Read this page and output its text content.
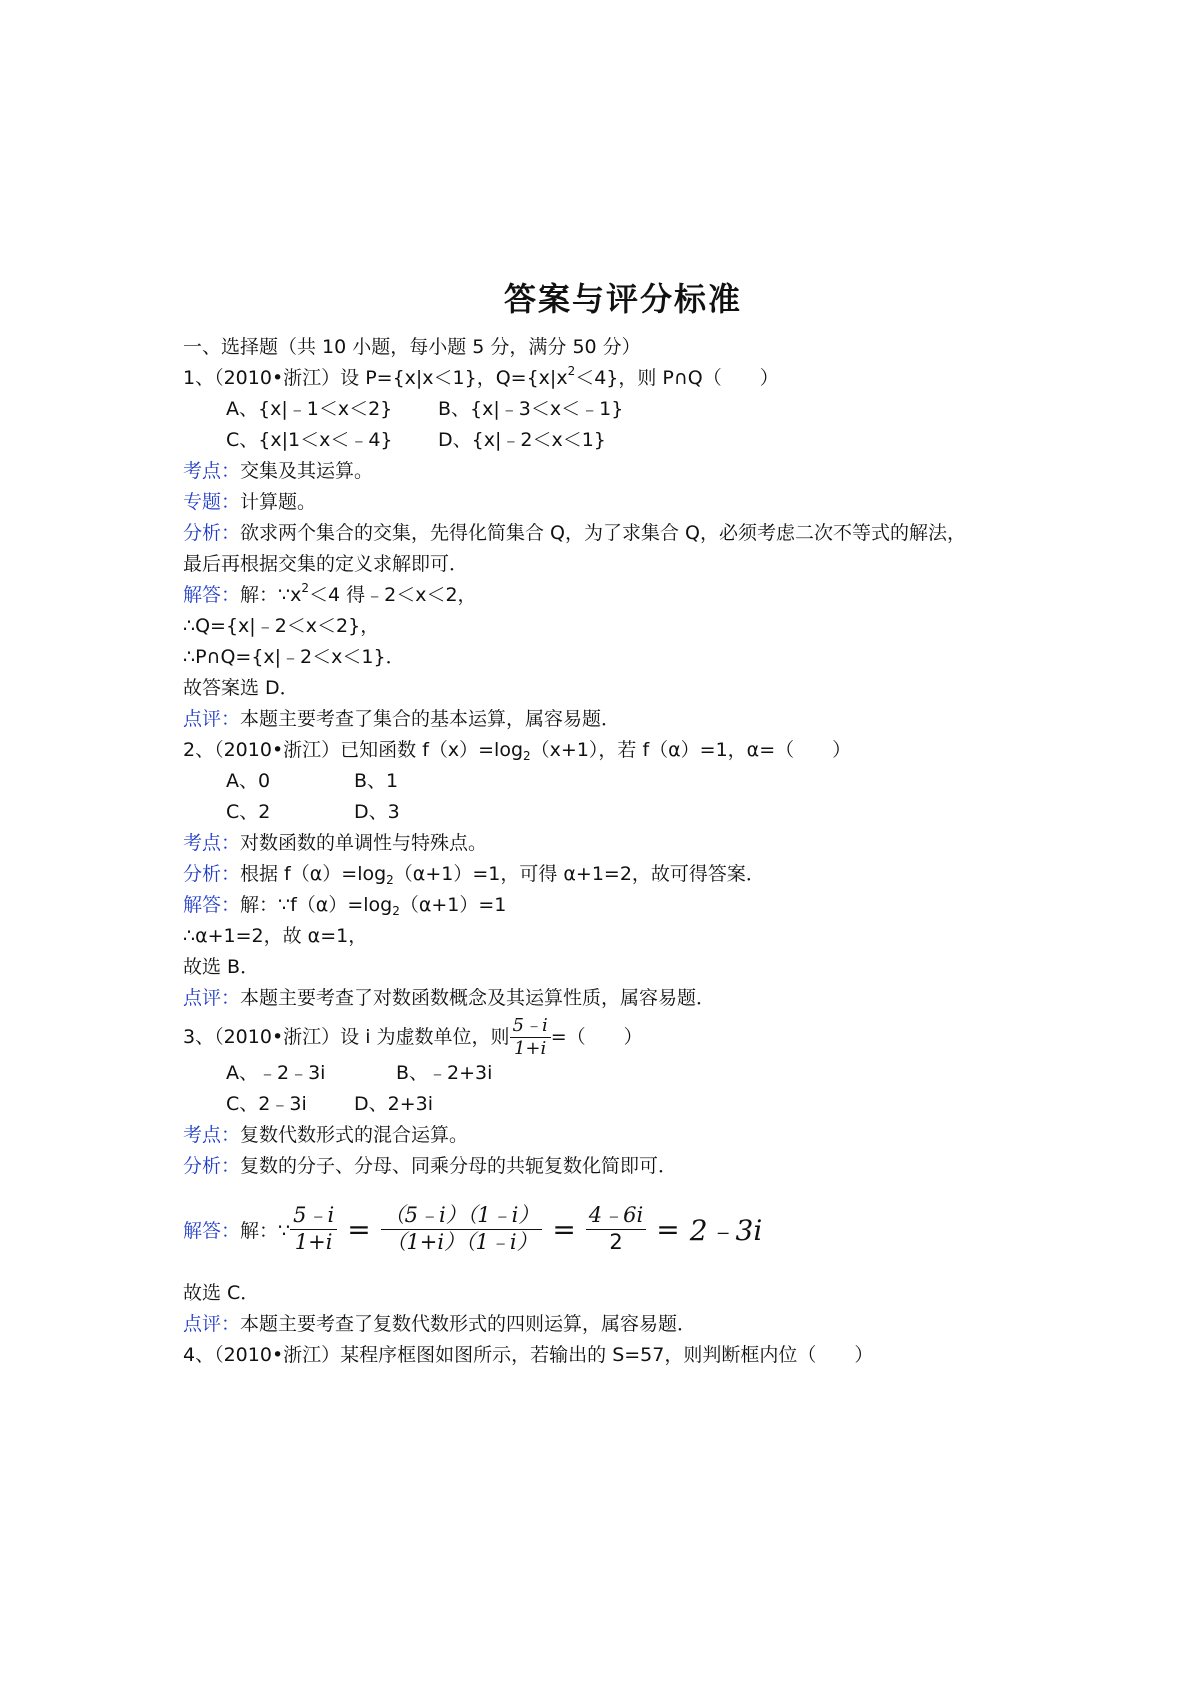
答案与评分标准
一、选择题（共 10 小题，每小题 5 分，满分 50 分）
1、（2010•浙江）设 P={x|x＜1}，$Q=\{x|x^2<4\}$，则 P∩Q（　　）
A、{x|﹣1＜x＜2} B、{x|﹣3＜x＜﹣1}
C、{x|1＜x＜﹣4} D、{x|﹣2＜x＜1}
考点：交集及其运算。
专题：计算题。
分析：欲求两个集合的交集，先得化简集合 Q，为了求集合 Q，必须考虑二次不等式的解法，
最后再根据交集的定义求解即可．
解答：解：$\because x^2<4$ 得﹣2＜x＜2，
∴Q={x|﹣2＜x＜2}，
∴P∩Q={x|﹣2＜x＜1}．
故答案选 D．
点评：本题主要考查了集合的基本运算，属容易题．
2、（2010•浙江）已知函数 $f(x)=\log_2(x+1)$，若 f（α）=1，α=（　　）
A、0	B、1
C、2	D、3
考点：对数函数的单调性与特殊点。
分析：根据 $f(\alpha)=\log_2(\alpha+1)=1$，可得 α+1=2，故可得答案．
解答：解：$\because f(\alpha)=\log_2(\alpha+1)=1$
∴α+1=2，故 α=1，
故选 B．
点评：本题主要考查了对数函数概念及其运算性质，属容易题．
3、（2010•浙江）设 i 为虚数单位，则 $\frac{5﹣i}{1+i}$ =（　　）
A、﹣2﹣3i	B、﹣2+3i
C、2﹣3i D、2+3i
考点：复数代数形式的混合运算。
分析：复数的分子、分母、同乘分母的共轭复数化简即可．
解答： 解：∵ $\frac{5﹣i}{1+i} = \frac{(5﹣i)(1﹣i)}{(1+i)(1﹣i)} = \frac{4﹣6i}{2}$ = 2﹣3i
故选 C．
点评：本题主要考查了复数代数形式的四则运算，属容易题．
4、（2010•浙江）某程序框图如图所示，若输出的 S=57，则判断框内位（　　）
